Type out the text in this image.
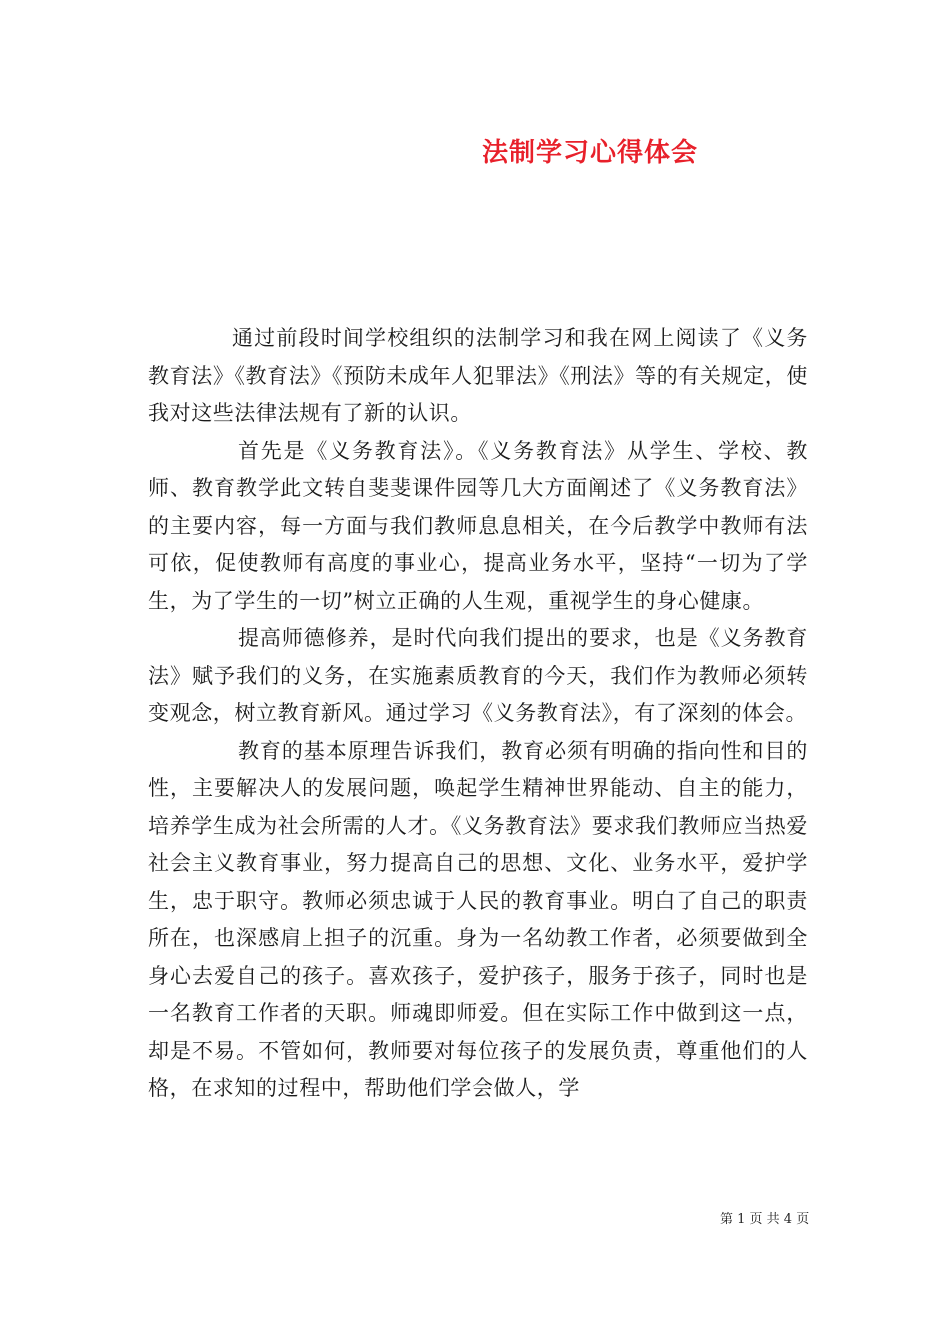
法制学习心得体会

通过前段时间学校组织的法制学习和我在网上阅读了《义务教育法》《教育法》《预防未成年人犯罪法》《刑法》等的有关规定，使我对这些法律法规有了新的认识。

首先是《义务教育法》。《义务教育法》从学生、学校、教师、教育教学此文转自斐斐课件园等几大方面阐述了《义务教育法》的主要内容，每一方面与我们教师息息相关，在今后教学中教师有法可依，促使教师有高度的事业心，提高业务水平，坚持“一切为了学生，为了学生的一切”树立正确的人生观，重视学生的身心健康。

提高师德修养，是时代向我们提出的要求，也是《义务教育法》赋予我们的义务，在实施素质教育的今天，我们作为教师必须转变观念，树立教育新风。通过学习《义务教育法》，有了深刻的体会。

教育的基本原理告诉我们，教育必须有明确的指向性和目的性，主要解决人的发展问题，唤起学生精神世界能动、自主的能力，培养学生成为社会所需的人才。《义务教育法》要求我们教师应当热爱社会主义教育事业，努力提高自己的思想、文化、业务水平，爱护学生，忠于职守。教师必须忠诚于人民的教育事业。明白了自己的职责所在，也深感肩上担子的沉重。身为一名幼教工作者，必须要做到全身心去爱自己的孩子。喜欢孩子，爱护孩子，服务于孩子，同时也是一名教育工作者的天职。师魂即师爱。但在实际工作中做到这一点，却是不易。不管如何，教师要对每位孩子的发展负责，尊重他们的人格，在求知的过程中，帮助他们学会做人，学

第 1 页 共 4 页
